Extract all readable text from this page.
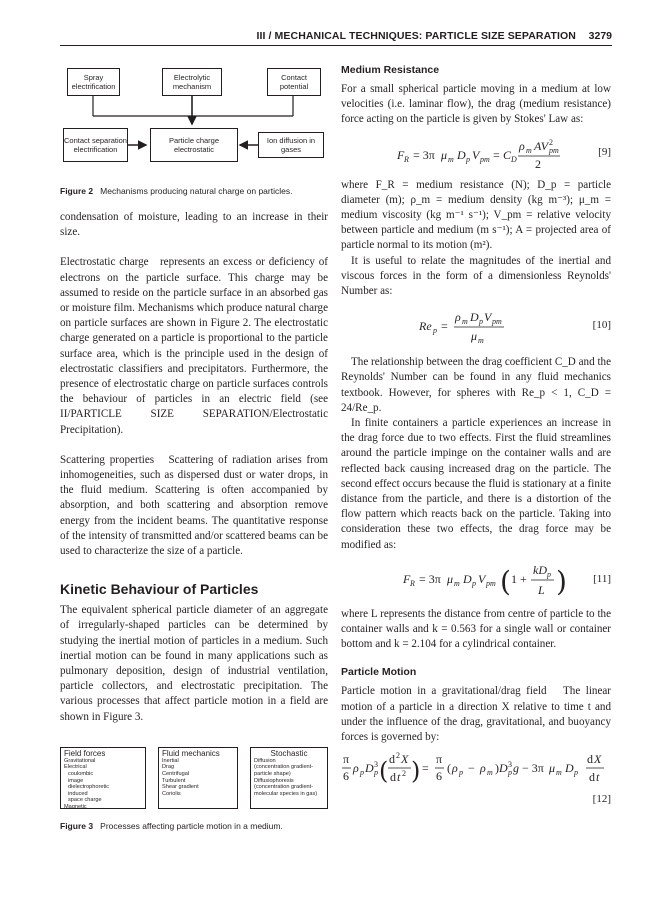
III / MECHANICAL TECHNIQUES: PARTICLE SIZE SEPARATION 3279
Spray electrification
Electrolytic mechanism
Contact potential
Contact separation electrification
Particle charge electrostatic
Ion diffusion in gases

Figure 2 Mechanisms producing natural charge on particles.

condensation of moisture, leading to an increase in their size.

Electrostatic charge represents an excess or deficiency of electrons on the particle surface. This charge may be assumed to reside on the particle surface in an absorbed gas or moisture film. Mechanisms which produce natural charge on particle surfaces are shown in Figure 2. The electrostatic charge generated on a particle is proportional to the particle surface area, which is the principle used in the design of electrostatic classifiers and precipitators. Furthermore, the presence of electrostatic charge on particle surfaces controls the behaviour of particles in an electric field (see II/PARTICLE SIZE SEPARATION/Electrostatic Precipitation).

Scattering properties Scattering of radiation arises from inhomogeneities, such as dispersed dust or water drops, in the fluid medium. Scattering is often accompanied by absorption, and both scattering and absorption remove energy from the incident beams. The quantitative response of the intensity of transmitted and/or scattered beams can be used to characterize the size of a particle.

Kinetic Behaviour of Particles

The equivalent spherical particle diameter of an aggregate of irregularly-shaped particles can be determined by studying the inertial motion of particles in a medium. Such inertial motion can be found in many applications such as pulmonary deposition, design of industrial ventilation, particle collectors, and electrostatic precipitation. The various processes that affect particle motion in a field are shown in Figure 3.

Field forces
Gravitational
Electrical
coulombic
image
dielectrophoretic
induced
space charge
Magnetic
Fluid mechanics
Inertial
Drag
Centrifugal
Turbulent
Shear gradient
Coriolis
Stochastic
Diffusion
(concentration gradient-particle shape)
Diffusiophoresis
(concentration gradient-molecular species in gas)

Figure 3 Processes affecting particle motion in a medium.

Medium Resistance

For a small spherical particle moving in a medium at low velocities (i.e. laminar flow), the drag (medium resistance) force acting on the particle is given by Stokes' Law as:

F R = 3π μ m D p V pm = C D
ρ m AV 2
pm
2
[9]

where F_R = medium resistance (N); D_p = particle diameter (m); ρ_m = medium density (kg m⁻³); μ_m = medium viscosity (kg m⁻¹ s⁻¹); V_pm = relative velocity between particle and medium (m s⁻¹); A = projected area of particle normal to its motion (m²).

It is useful to relate the magnitudes of the inertial and viscous forces in the form of a dimensionless Reynolds' Number as:

Re p =
ρ m D p V pm
μ m
[10]

The relationship between the drag coefficient C_D and the Reynolds' Number can be found in any fluid mechanics textbook. However, for spheres with Re_p < 1, C_D = 24/Re_p.

In finite containers a particle experiences an increase in the drag force due to two effects. First the fluid streamlines around the particle impinge on the container walls and are reflected back causing increased drag on the particle. The second effect occurs because the fluid is stationary at a finite distance from the particle, and there is a distortion of the flow pattern which reacts back on the particle. Taking into consideration these two effects, the drag force may be modified as:

F R = 3π μ m D p V pm ( 1 +
kD p
L ) [11]

where L represents the distance from centre of particle to the container walls and k = 0.563 for a single wall or container bottom and k = 2.104 for a cylindrical container.

Particle Motion

Particle motion in a gravitational/drag field The linear motion of a particle in a direction X relative to time t and under the influence of the drag, gravitational, and buoyancy forces is governed by:

π
6
ρ p D 3
p ( d 2 X
d t 2 ) =
π
6
( ρ p − ρ m ) D 3
p g − 3π μ m D p
d X
d t
[12]
